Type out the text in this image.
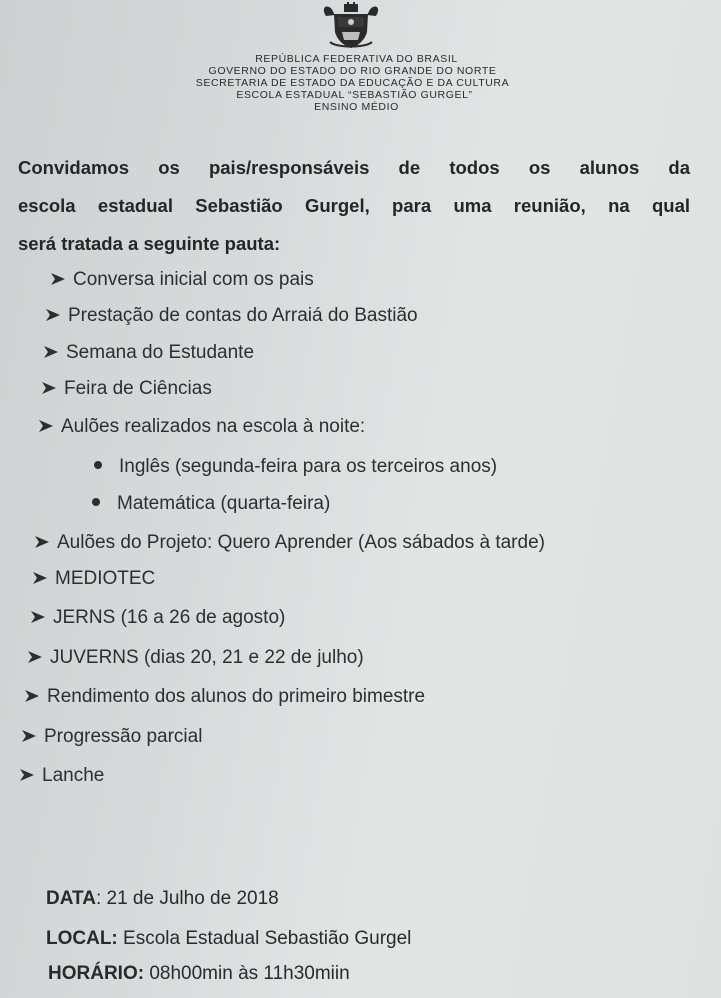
REPÚBLICA FEDERATIVA DO BRASIL
GOVERNO DO ESTADO DO RIO GRANDE DO NORTE
SECRETARIA DE ESTADO DA EDUCAÇÃO E DA CULTURA
ESCOLA ESTADUAL “SEBASTIÃO GURGEL”
ENSINO MÉDIO
Convidamos os pais/responsáveis de todos os alunos da
escola estadual Sebastião Gurgel, para uma reunião, na qual
será tratada a seguinte pauta:
Conversa inicial com os pais
Prestação de contas do Arraiá do Bastião
Semana do Estudante
Feira de Ciências
Aulões realizados na escola à noite:
Inglês (segunda-feira para os terceiros anos)
Matemática (quarta-feira)
Aulões do Projeto: Quero Aprender (Aos sábados à tarde)
MEDIOTEC
JERNS (16 a 26 de agosto)
JUVERNS (dias 20, 21 e 22 de julho)
Rendimento dos alunos do primeiro bimestre
Progressão parcial
Lanche
DATA: 21 de Julho de 2018
LOCAL: Escola Estadual Sebastião Gurgel
HORÁRIO: 08h00min às 11h30miin
